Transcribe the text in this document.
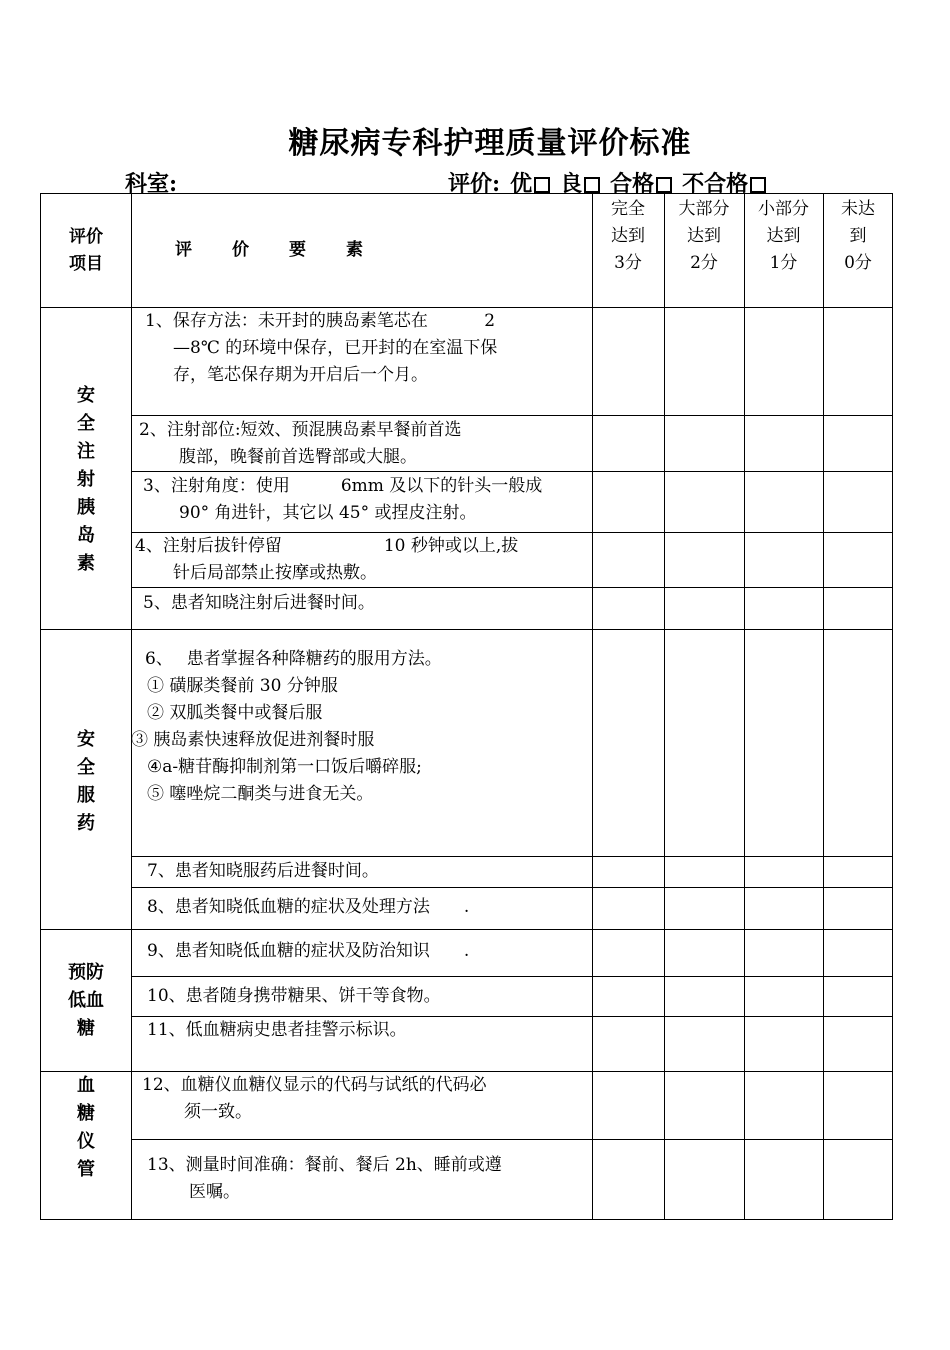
糖尿病专科护理质量评价标准
科室:	评价: 优 良 合格 不合格
评价
项目
评　　价　　要　　素
完全
达到
3分
大部分
达到
2分
小部分
达到
1分
未达
到
0分
安
全
注
射
胰
岛
素
安
全
服
药
预防
低血
糖
血
糖
仪
管
1、保存方法：未开封的胰岛素笔芯在　　　 2
—8℃ 的环境中保存，已开封的在室温下保
存，笔芯保存期为开启后一个月。
2、注射部位:短效、预混胰岛素早餐前首选
腹部，晚餐前首选臀部或大腿。
3、注射角度：使用　　　6mm 及以下的针头一般成
90° 角进针，其它以 45° 或捏皮注射。
4、注射后拔针停留　　　　　　10 秒钟或以上,拔
针后局部禁止按摩或热敷。
5、患者知晓注射后进餐时间。
6、　 患者掌握各种降糖药的服用方法。
① 磺脲类餐前 30 分钟服
② 双胍类餐中或餐后服
③ 胰岛素快速释放促进剂餐时服
④a-糖苷酶抑制剂第一口饭后嚼碎服;
⑤ 噻唑烷二酮类与进食无关。
7、患者知晓服药后进餐时间。
8、患者知晓低血糖的症状及处理方法　　.
9、患者知晓低血糖的症状及防治知识　　.
10、患者随身携带糖果、饼干等食物。
11、低血糖病史患者挂警示标识。
12、血糖仪血糖仪显示的代码与试纸的代码必
须一致。
13、测量时间准确：餐前、餐后 2h、睡前或遵
医嘱。
